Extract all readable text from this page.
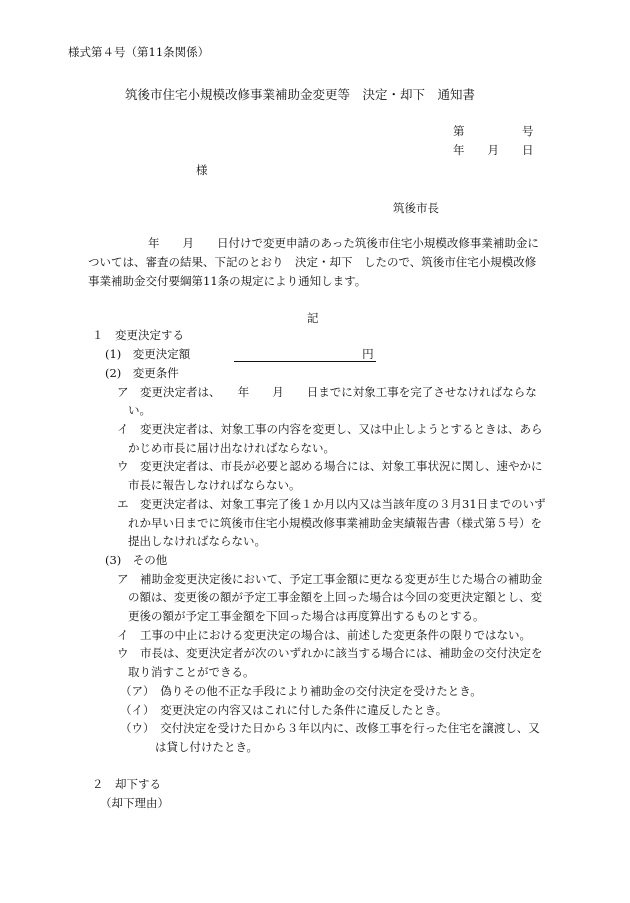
様式第４号（第11条関係）
筑後市住宅小規模改修事業補助金変更等　決定・却下　通知書
第　　　　　号
年　　月　　日
様
筑後市長
年　　月　　日付けで変更申請のあった筑後市住宅小規模改修事業補助金に
ついては、審査の結果、下記のとおり　決定・却下　したので、筑後市住宅小規模改修
事業補助金交付要綱第11条の規定により通知します。
記
１　変更決定する
(1)　変更決定額	円
(2)　変更条件
ア　変更決定者は、　　年　　月　　日までに対象工事を完了させなければならな
い。
イ　変更決定者は、対象工事の内容を変更し、又は中止しようとするときは、あら
かじめ市長に届け出なければならない。
ウ　変更決定者は、市長が必要と認める場合には、対象工事状況に関し、速やかに
市長に報告しなければならない。
エ　変更決定者は、対象工事完了後１か月以内又は当該年度の３月31日までのいず
れか早い日までに筑後市住宅小規模改修事業補助金実績報告書（様式第５号）を
提出しなければならない。
(3)　その他
ア　補助金変更決定後において、予定工事金額に更なる変更が生じた場合の補助金
の額は、変更後の額が予定工事金額を上回った場合は今回の変更決定額とし、変
更後の額が予定工事金額を下回った場合は再度算出するものとする。
イ　工事の中止における変更決定の場合は、前述した変更条件の限りではない。
ウ　市長は、変更決定者が次のいずれかに該当する場合には、補助金の交付決定を
取り消すことができる。
（ア）　偽りその他不正な手段により補助金の交付決定を受けたとき。
（イ）　変更決定の内容又はこれに付した条件に違反したとき。
（ウ）　交付決定を受けた日から３年以内に、改修工事を行った住宅を譲渡し、又
は貸し付けたとき。
２　却下する
（却下理由）
